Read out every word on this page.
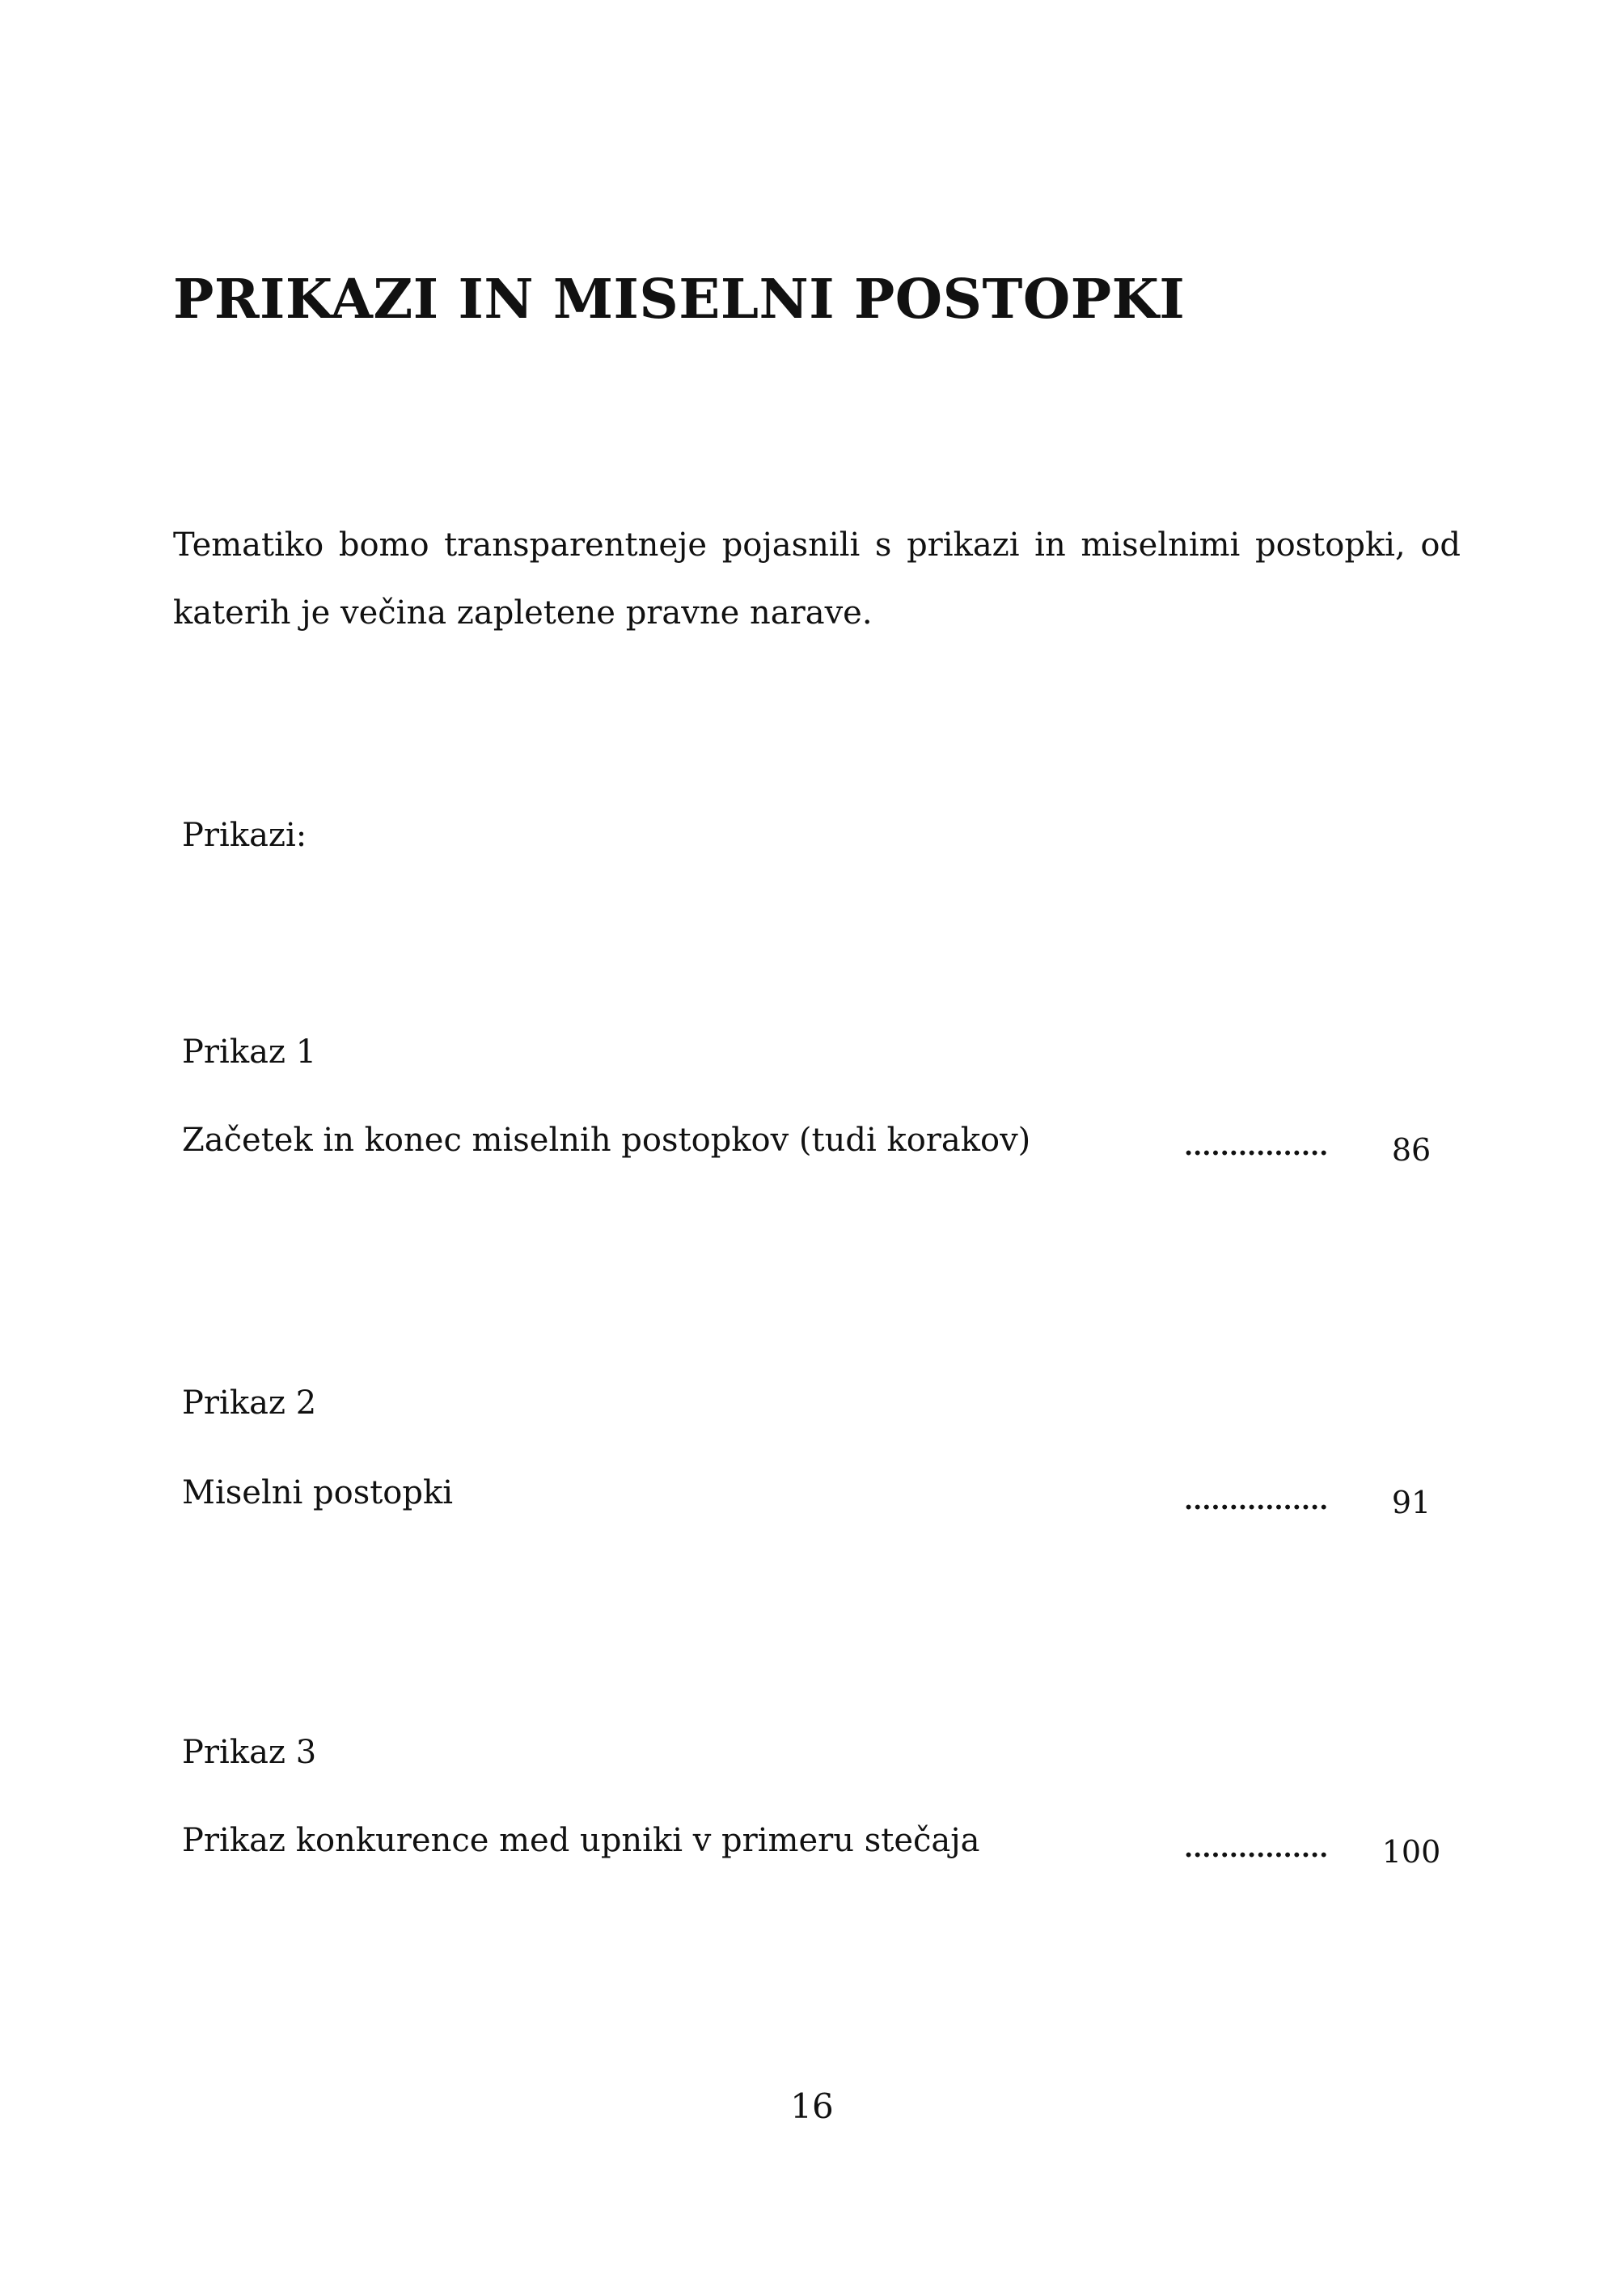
PRIKAZI IN MISELNI POSTOPKI

Tematiko bomo transparentneje pojasnili s prikazi in miselnimi postopki, od katerih je večina zapletene pravne narave.

Prikazi:

Prikaz 1

Začetek in konec miselnih postopkov (tudi korakov)	................	86

Prikaz 2

Miselni postopki	................	91

Prikaz 3

Prikaz konkurence med upniki v primeru stečaja	................	100
16
